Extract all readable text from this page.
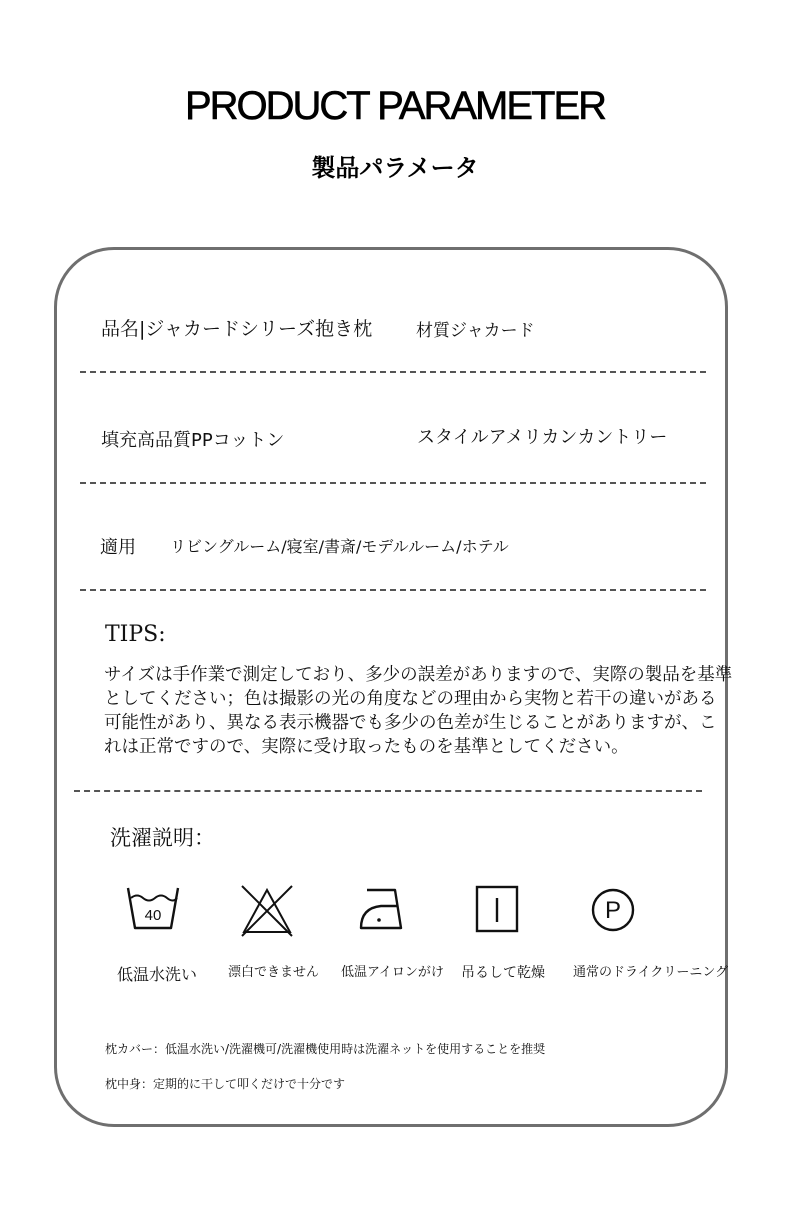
PRODUCT PARAMETER
製品パラメータ
品名|ジャカードシリーズ抱き枕	材質ジャカード
填充高品質PPコットン	スタイルアメリカンカントリー
適用 リビングルーム/寝室/書斎/モデルルーム/ホテル
TIPS:
サイズは手作業で測定しており、多少の誤差がありますので、実際の製品を基準
としてください；色は撮影の光の角度などの理由から実物と若干の違いがある
可能性があり、異なる表示機器でも多少の色差が生じることがありますが、こ
れは正常ですので、実際に受け取ったものを基準としてください。
洗濯説明：
40
低温水洗い 漂白できません 低温アイロンがけ 吊るして乾燥
P
通常のドライクリーニング
枕カバー：低温水洗い/洗濯機可/洗濯機使用時は洗濯ネットを使用することを推奨
枕中身：定期的に干して叩くだけで十分です
